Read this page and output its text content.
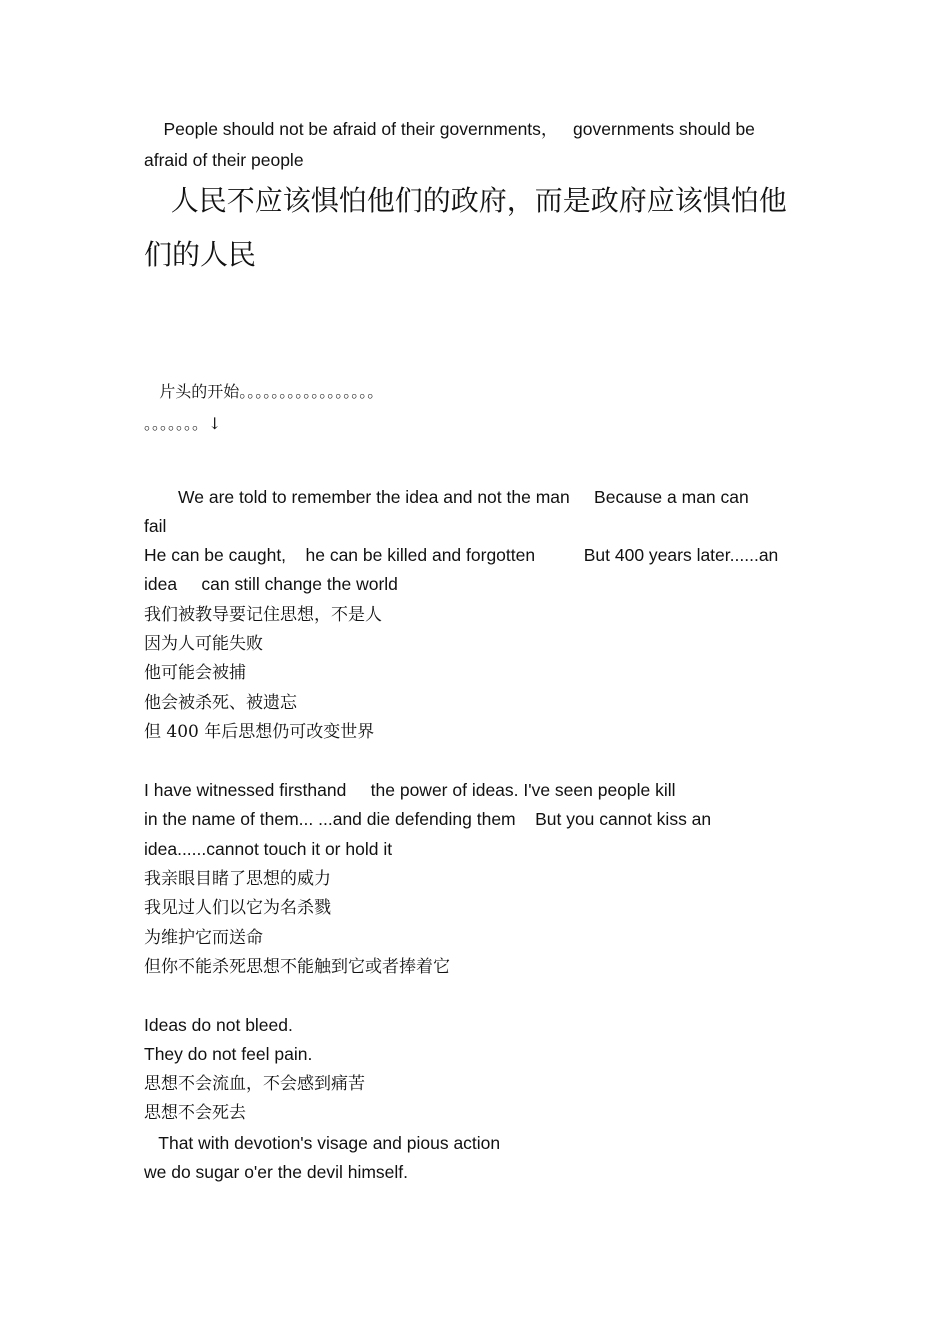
People should not be afraid of their governments，   governments should be

afraid of their people

人民不应该惧怕他们的政府，而是政府应该惧怕他

们的人民

片头的开始。。。。。。。。。。。。。。。。。

。。。。。。。↓

We are told to remember the idea and not the man     Because a man can

fail

He can be caught,    he can be killed and forgotten          But 400 years later......an

idea     can still change the world

我们被教导要记住思想，不是人

因为人可能失败

他可能会被捕

他会被杀死、被遗忘

但 400 年后思想仍可改变世界

I have witnessed firsthand     the power of ideas. I've seen people kill

in the name of them... ...and die defending them    But you cannot kiss an

idea......cannot touch it or hold it

我亲眼目睹了思想的威力

我见过人们以它为名杀戮

为维护它而送命

但你不能杀死思想不能触到它或者捧着它

Ideas do not bleed.

They do not feel pain.

思想不会流血，不会感到痛苦

思想不会死去

That with devotion's visage and pious action

we do sugar o'er the devil himself.
